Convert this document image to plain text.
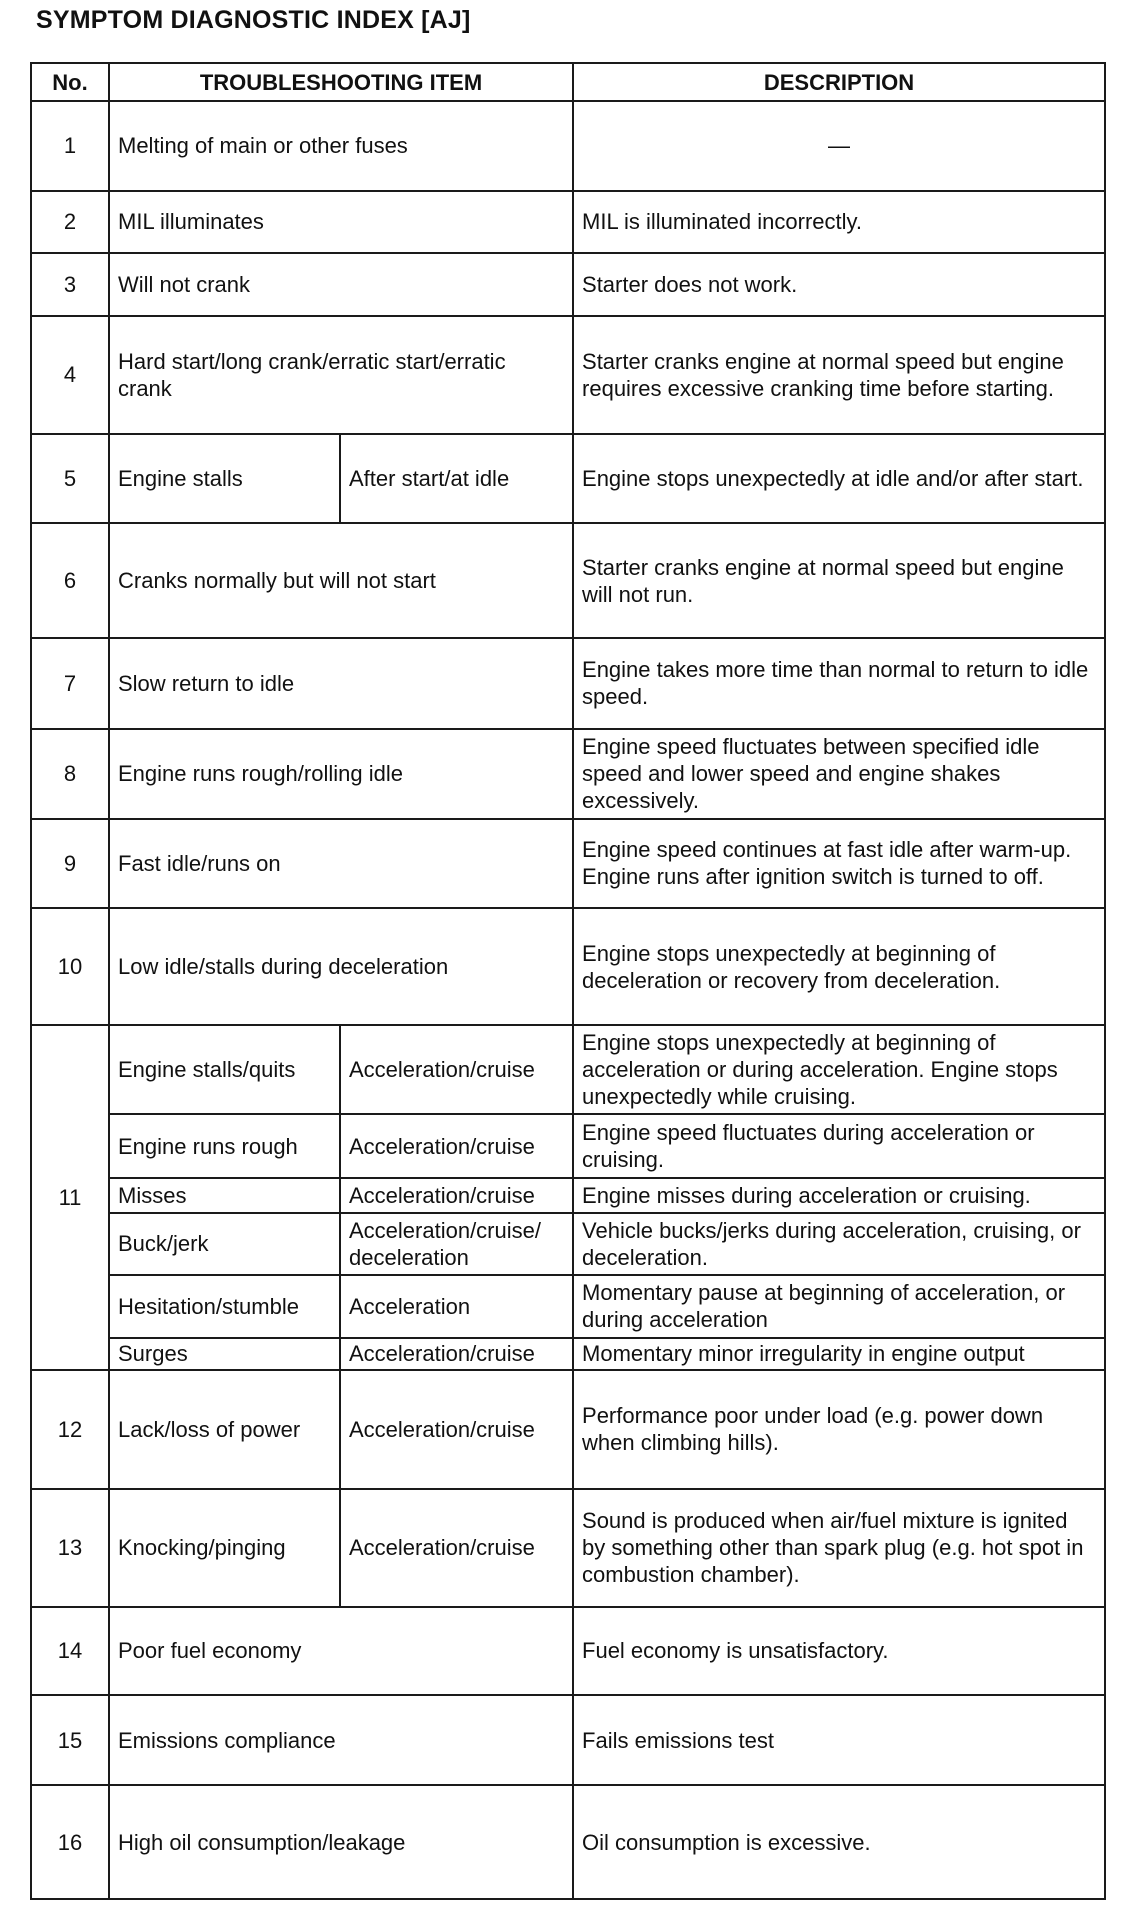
SYMPTOM DIAGNOSTIC INDEX [AJ]
No.	TROUBLESHOOTING ITEM		DESCRIPTION
1	Melting of main or other fuses		—
2	MIL illuminates		MIL is illuminated incorrectly.
3	Will not crank		Starter does not work.
4	Hard start/long crank/erratic start/erratic crank		Starter cranks engine at normal speed but engine requires excessive cranking time before starting.
5	Engine stalls	After start/at idle	Engine stops unexpectedly at idle and/or after start.
6	Cranks normally but will not start		Starter cranks engine at normal speed but engine will not run.
7	Slow return to idle		Engine takes more time than normal to return to idle speed.
8	Engine runs rough/rolling idle		Engine speed fluctuates between specified idle speed and lower speed and engine shakes excessively.
9	Fast idle/runs on		Engine speed continues at fast idle after warm-up. Engine runs after ignition switch is turned to off.
10	Low idle/stalls during deceleration		Engine stops unexpectedly at beginning of deceleration or recovery from deceleration.
11	Engine stalls/quits	Acceleration/cruise	Engine stops unexpectedly at beginning of acceleration or during acceleration. Engine stops unexpectedly while cruising.
	Engine runs rough	Acceleration/cruise	Engine speed fluctuates during acceleration or cruising.
	Misses	Acceleration/cruise	Engine misses during acceleration or cruising.
	Buck/jerk	Acceleration/cruise/ deceleration	Vehicle bucks/jerks during acceleration, cruising, or deceleration.
	Hesitation/stumble	Acceleration	Momentary pause at beginning of acceleration, or during acceleration
	Surges	Acceleration/cruise	Momentary minor irregularity in engine output
12	Lack/loss of power	Acceleration/cruise	Performance poor under load (e.g. power down when climbing hills).
13	Knocking/pinging	Acceleration/cruise	Sound is produced when air/fuel mixture is ignited by something other than spark plug (e.g. hot spot in combustion chamber).
14	Poor fuel economy		Fuel economy is unsatisfactory.
15	Emissions compliance		Fails emissions test
16	High oil consumption/leakage		Oil consumption is excessive.
